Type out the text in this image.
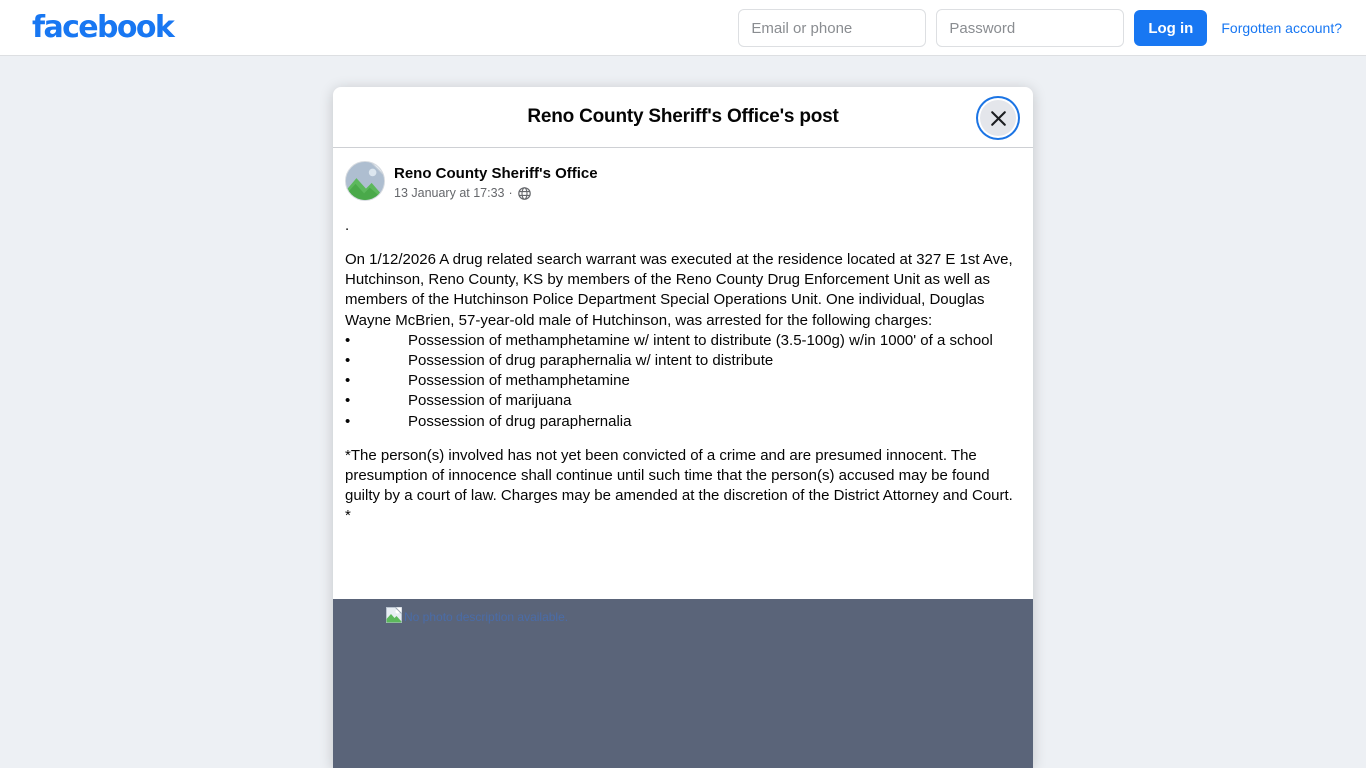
facebook
Email or phone	Log in	Forgotten account?
Reno County Sheriff's Office's post
Reno County Sheriff's Office
13 January at 17:33 ·
.
On 1/12/2026 A drug related search warrant was executed at the residence located at 327 E 1st Ave, Hutchinson, Reno County, KS by members of the Reno County Drug Enforcement Unit as well as members of the Hutchinson Police Department Special Operations Unit. One individual, Douglas Wayne McBrien, 57-year-old male of Hutchinson, was arrested for the following charges:
•	Possession of methamphetamine w/ intent to distribute (3.5-100g) w/in 1000' of a school
•	Possession of drug paraphernalia w/ intent to distribute
•	Possession of methamphetamine
•	Possession of marijuana
•	Possession of drug paraphernalia
*The person(s) involved has not yet been convicted of a crime and are presumed innocent. The presumption of innocence shall continue until such time that the person(s) accused may be found guilty by a court of law. Charges may be amended at the discretion of the District Attorney and Court.
*
No photo description available.
